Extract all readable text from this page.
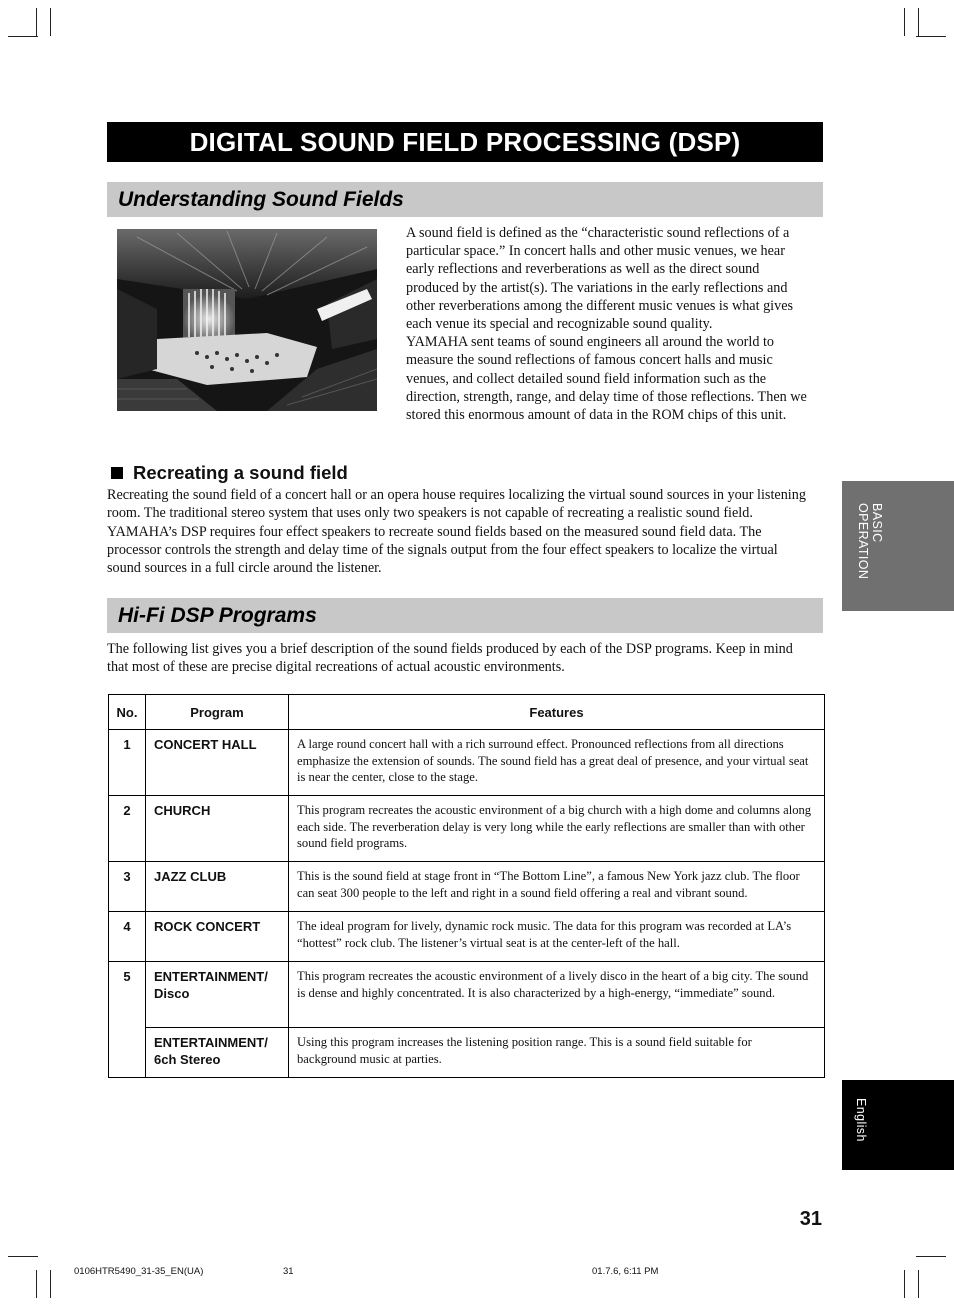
DIGITAL SOUND FIELD PROCESSING (DSP)
Understanding Sound Fields

A sound field is defined as the “characteristic sound reflections of a particular space.” In concert halls and other music venues, we hear early reflections and reverberations as well as the direct sound produced by the artist(s). The variations in the early reflections and other reverberations among the different music venues is what gives each venue its special and recognizable sound quality.

YAMAHA sent teams of sound engineers all around the world to measure the sound reflections of famous concert halls and music venues, and collect detailed sound field information such as the direction, strength, range, and delay time of those reflections. Then we stored this enormous amount of data in the ROM chips of this unit.

Recreating a sound field

Recreating the sound field of a concert hall or an opera house requires localizing the virtual sound sources in your listening room. The traditional stereo system that uses only two speakers is not capable of recreating a realistic sound field. YAMAHA’s DSP requires four effect speakers to recreate sound fields based on the measured sound field data. The processor controls the strength and delay time of the signals output from the four effect speakers to localize the virtual sound sources in a full circle around the listener.

Hi-Fi DSP Programs

The following list gives you a brief description of the sound fields produced by each of the DSP programs. Keep in mind that most of these are precise digital recreations of actual acoustic environments.

No.	Program	Features
1	CONCERT HALL	A large round concert hall with a rich surround effect. Pronounced reflections from all directions emphasize the extension of sounds. The sound field has a great deal of presence, and your virtual seat is near the center, close to the stage.
2	CHURCH	This program recreates the acoustic environment of a big church with a high dome and columns along each side. The reverberation delay is very long while the early reflections are smaller than with other sound field programs.
3	JAZZ CLUB	This is the sound field at stage front in “The Bottom Line”, a famous New York jazz club. The floor can seat 300 people to the left and right in a sound field offering a real and vibrant sound.
4	ROCK CONCERT	The ideal program for lively, dynamic rock music. The data for this program was recorded at LA’s “hottest” rock club. The listener’s virtual seat is at the center-left of the hall.
5	ENTERTAINMENT/ Disco	This program recreates the acoustic environment of a lively disco in the heart of a big city. The sound is dense and highly concentrated. It is also characterized by a high-energy, “immediate” sound.
	ENTERTAINMENT/ 6ch Stereo	Using this program increases the listening position range. This is a sound field suitable for background music at parties.
BASIC
OPERATION
English
31
0106HTR5490_31-35_EN(UA)	31	01.7.6, 6:11 PM
